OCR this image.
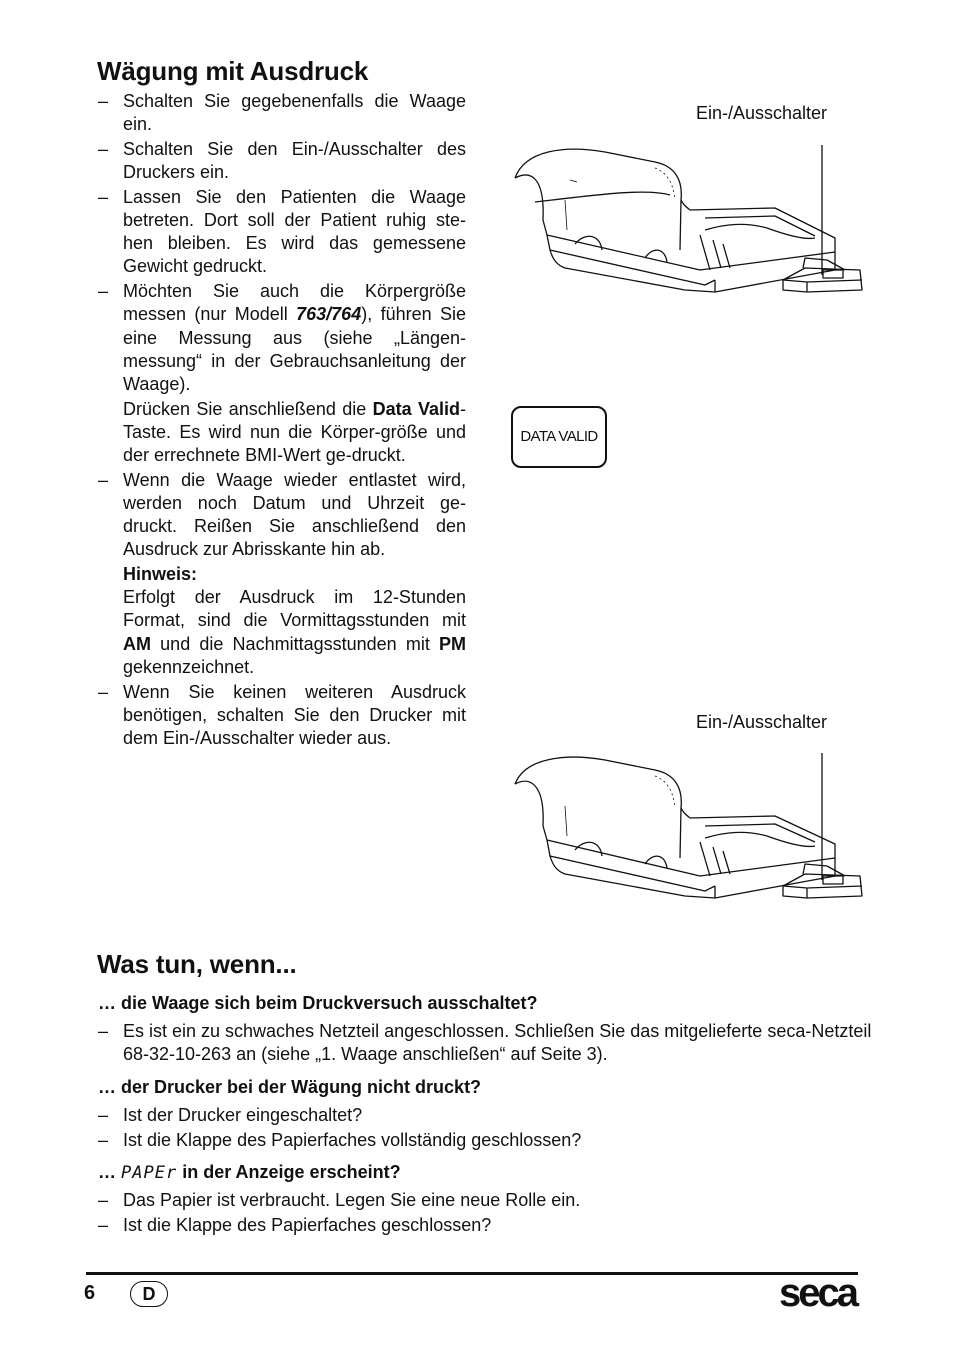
Wägung mit Ausdruck
– Schalten Sie gegebenenfalls die Waage ein.
– Schalten Sie den Ein-/Ausschalter des Druckers ein.
– Lassen Sie den Patienten die Waage betreten. Dort soll der Patient ruhig ste-hen bleiben. Es wird das gemessene Gewicht gedruckt.
– Möchten Sie auch die Körpergröße messen (nur Modell 763/764), führen Sie eine Messung aus (siehe „Längen-messung“ in der Gebrauchsanleitung der Waage).
Drücken Sie anschließend die Data Valid-Taste. Es wird nun die Körper-größe und der errechnete BMI-Wert ge-druckt.
– Wenn die Waage wieder entlastet wird, werden noch Datum und Uhrzeit ge-druckt. Reißen Sie anschließend den Ausdruck zur Abrisskante hin ab.
Hinweis:
Erfolgt der Ausdruck im 12-Stunden Format, sind die Vormittagsstunden mit AM und die Nachmittagsstunden mit PM gekennzeichnet.
– Wenn Sie keinen weiteren Ausdruck benötigen, schalten Sie den Drucker mit dem Ein-/Ausschalter wieder aus.
Ein-/Ausschalter
Ein-/Ausschalter
DATA VALID
Was tun, wenn...

… die Waage sich beim Druckversuch ausschaltet?

– Es ist ein zu schwaches Netzteil angeschlossen. Schließen Sie das mitgelieferte seca-Netzteil 68-32-10-263 an (siehe „1. Waage anschließen“ auf Seite 3).

… der Drucker bei der Wägung nicht druckt?

– Ist der Drucker eingeschaltet?
– Ist die Klappe des Papierfaches vollständig geschlossen?

… PAPEr in der Anzeige erscheint?

– Das Papier ist verbraucht. Legen Sie eine neue Rolle ein.
– Ist die Klappe des Papierfaches geschlossen?
6	D	seca
